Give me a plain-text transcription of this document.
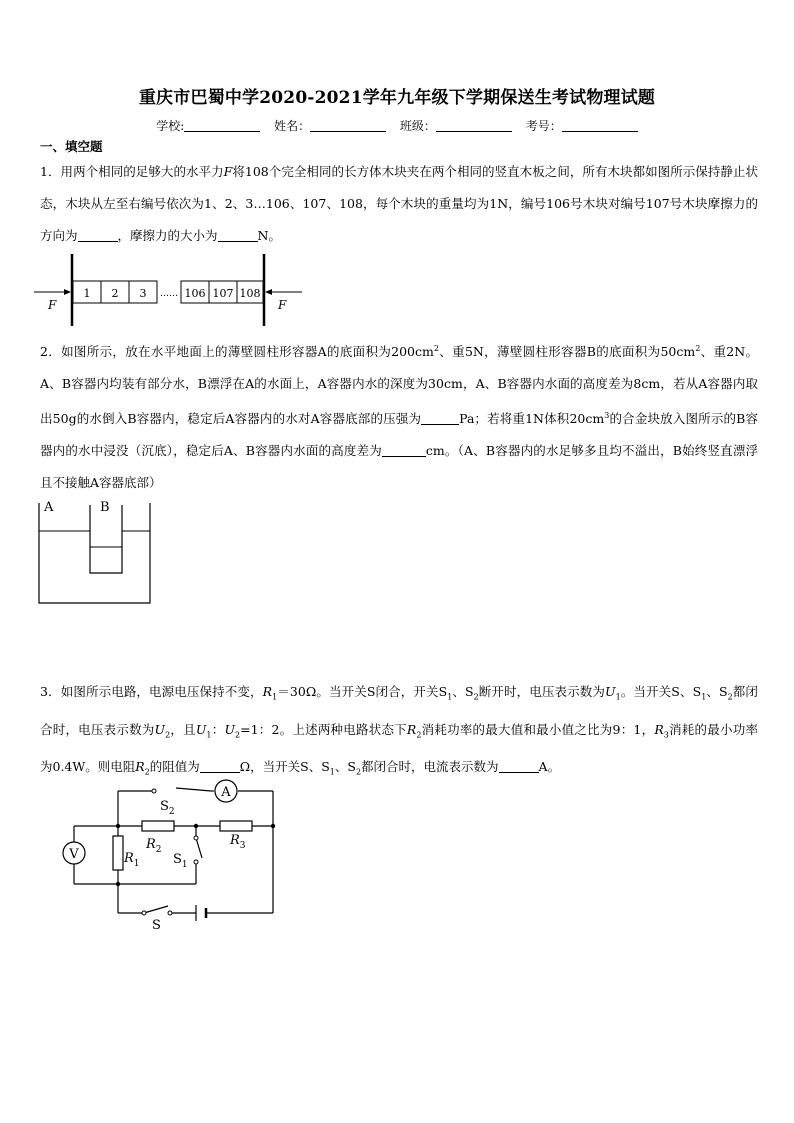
重庆市巴蜀中学2020-2021学年九年级下学期保送生考试物理试题
学校:	姓名：	班级：	考号：
一、填空题
1．用两个相同的足够大的水平力F将108个完全相同的长方体木块夹在两个相同的竖直木板之间，所有木块都如图所示保持静止状态，木块从左至右编号依次为1、2、3…106、107、108，每个木块的重量均为1N，编号106号木块对编号107号木块摩擦力的方向为	，摩擦力的大小为	N。
1 2 3 …… 106 107 108
F	F
2．如图所示，放在水平地面上的薄壁圆柱形容器A的底面积为$200cm^2$、重5N，薄壁圆柱形容器B的底面积为$50cm^2$、重2N。A、B容器内均装有部分水，B漂浮在A的水面上，A容器内水的深度为30cm，A、B容器内水面的高度差为8cm，若从A容器内取出50g的水倒入B容器内，稳定后A容器内的水对A容器底部的压强为	Pa；若将重1N体积$20cm^3$的合金块放入图所示的B容器内的水中浸没（沉底），稳定后A、B容器内水面的高度差为	cm。（A、B容器内的水足够多且均不溢出，B始终竖直漂浮且不接触A容器底部）
A	B
3．如图所示电路，电源电压保持不变，$R_1=30\Omega$。当开关S闭合，开关$S_1$、$S_2$断开时，电压表示数为$U_1$。当开关S、$S_1$、$S_2$都闭合时，电压表示数为$U_2$，且$U_1$：$U_2=1$：2。上述两种电路状态下$R_2$消耗功率的最大值和最小值之比为9：1，$R_3$消耗的最小功率为0.4W。则电阻$R_2$的阻值为	Ω，当开关S、$S_1$、$S_2$都闭合时，电流表示数为	A。
A
V
$S_2$
$R_2$
$R_3$
$R_1$	$S_1$
S
